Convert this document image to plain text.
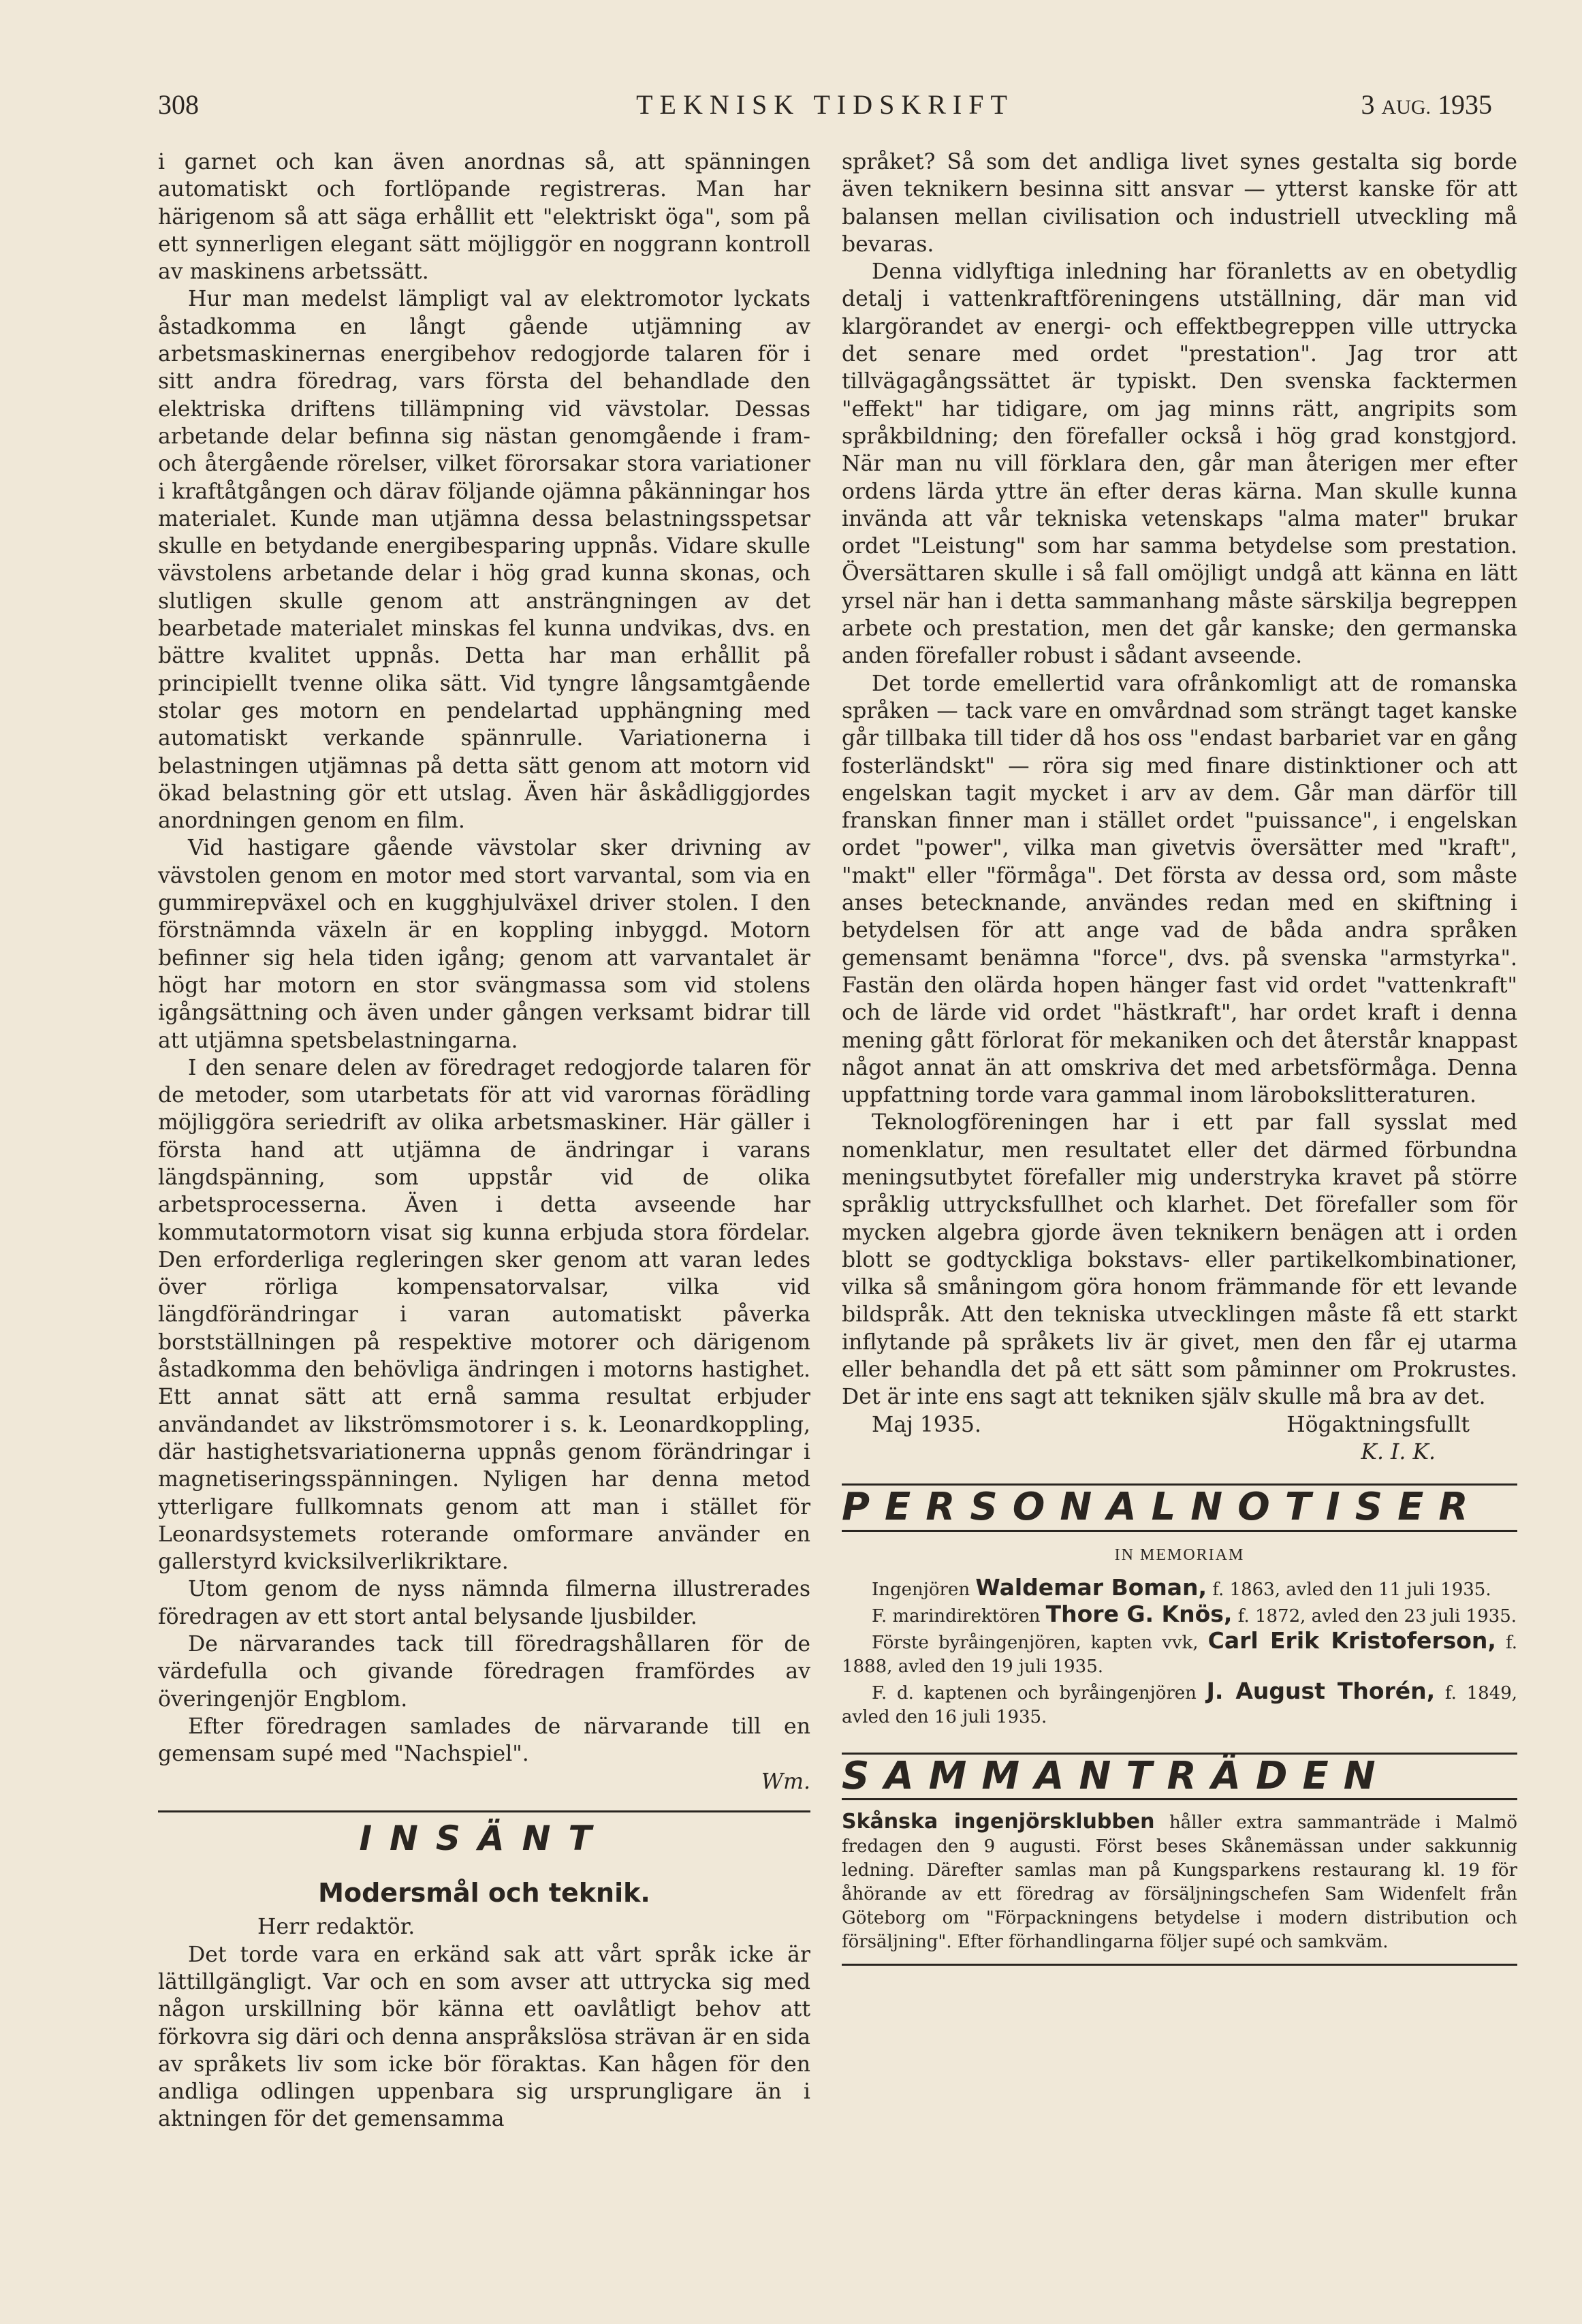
308	TEKNISK TIDSKRIFT	3 AUG. 1935

i garnet och kan även anordnas så, att spänningen automatiskt och fortlöpande registreras. Man har härigenom så att säga erhållit ett "elektriskt öga", som på ett synnerligen elegant sätt möjliggör en noggrann kontroll av maskinens arbetssätt.

Hur man medelst lämpligt val av elektromotor lyckats åstadkomma en långt gående utjämning av arbetsmaskinernas energibehov redogjorde talaren för i sitt andra föredrag, vars första del behandlade den elektriska driftens tillämpning vid vävstolar. Dessas arbetande delar befinna sig nästan genomgående i fram- och återgående rörelser, vilket förorsakar stora variationer i kraftåtgången och därav följande ojämna påkänningar hos materialet. Kunde man utjämna dessa belastningsspetsar skulle en betydande energibesparing uppnås. Vidare skulle vävstolens arbetande delar i hög grad kunna skonas, och slutligen skulle genom att ansträngningen av det bearbetade materialet minskas fel kunna undvikas, dvs. en bättre kvalitet uppnås. Detta har man erhållit på principiellt tvenne olika sätt. Vid tyngre långsamtgående stolar ges motorn en pendelartad upphängning med automatiskt verkande spännrulle. Variationerna i belastningen utjämnas på detta sätt genom att motorn vid ökad belastning gör ett utslag. Även här åskådliggjordes anordningen genom en film.

Vid hastigare gående vävstolar sker drivning av vävstolen genom en motor med stort varvantal, som via en gummirepväxel och en kugghjulväxel driver stolen. I den förstnämnda växeln är en koppling inbyggd. Motorn befinner sig hela tiden igång; genom att varvantalet är högt har motorn en stor svängmassa som vid stolens igångsättning och även under gången verksamt bidrar till att utjämna spetsbelastningarna.

I den senare delen av föredraget redogjorde talaren för de metoder, som utarbetats för att vid varornas förädling möjliggöra seriedrift av olika arbetsmaskiner. Här gäller i första hand att utjämna de ändringar i varans längdspänning, som uppstår vid de olika arbetsprocesserna. Även i detta avseende har kommutatormotorn visat sig kunna erbjuda stora fördelar. Den erforderliga regleringen sker genom att varan ledes över rörliga kompensatorvalsar, vilka vid längdförändringar i varan automatiskt påverka borstställningen på respektive motorer och därigenom åstadkomma den behövliga ändringen i motorns hastighet. Ett annat sätt att ernå samma resultat erbjuder användandet av likströmsmotorer i s. k. Leonardkoppling, där hastighetsvariationerna uppnås genom förändringar i magnetiseringsspänningen. Nyligen har denna metod ytterligare fullkomnats genom att man i stället för Leonardsystemets roterande omformare använder en gallerstyrd kvicksilverlikriktare.

Utom genom de nyss nämnda filmerna illustrerades föredragen av ett stort antal belysande ljusbilder.

De närvarandes tack till föredragshållaren för de värdefulla och givande föredragen framfördes av överingenjör Engblom.

Efter föredragen samlades de närvarande till en gemensam supé med "Nachspiel".

Wm.
INSÄNT
Modersmål och teknik.

Herr redaktör.

Det torde vara en erkänd sak att vårt språk icke är lättillgängligt. Var och en som avser att uttrycka sig med någon urskillning bör känna ett oavlåtligt behov att förkovra sig däri och denna anspråkslösa strävan är en sida av språkets liv som icke bör föraktas. Kan hågen för den andliga odlingen uppenbara sig ursprungligare än i aktningen för det gemensamma

språket? Så som det andliga livet synes gestalta sig borde även teknikern besinna sitt ansvar — ytterst kanske för att balansen mellan civilisation och industriell utveckling må bevaras.

Denna vidlyftiga inledning har föranletts av en obetydlig detalj i vattenkraftföreningens utställning, där man vid klargörandet av energi- och effektbegreppen ville uttrycka det senare med ordet "prestation". Jag tror att tillvägagångssättet är typiskt. Den svenska facktermen "effekt" har tidigare, om jag minns rätt, angripits som språkbildning; den förefaller också i hög grad konstgjord. När man nu vill förklara den, går man återigen mer efter ordens lärda yttre än efter deras kärna. Man skulle kunna invända att vår tekniska vetenskaps "alma mater" brukar ordet "Leistung" som har samma betydelse som prestation. Översättaren skulle i så fall omöjligt undgå att känna en lätt yrsel när han i detta sammanhang måste särskilja begreppen arbete och prestation, men det går kanske; den germanska anden förefaller robust i sådant avseende.

Det torde emellertid vara ofrånkomligt att de romanska språken — tack vare en omvårdnad som strängt taget kanske går tillbaka till tider då hos oss "endast barbariet var en gång fosterländskt" — röra sig med finare distinktioner och att engelskan tagit mycket i arv av dem. Går man därför till franskan finner man i stället ordet "puissance", i engelskan ordet "power", vilka man givetvis översätter med "kraft", "makt" eller "förmåga". Det första av dessa ord, som måste anses betecknande, användes redan med en skiftning i betydelsen för att ange vad de båda andra språken gemensamt benämna "force", dvs. på svenska "armstyrka". Fastän den olärda hopen hänger fast vid ordet "vattenkraft" och de lärde vid ordet "hästkraft", har ordet kraft i denna mening gått förlorat för mekaniken och det återstår knappast något annat än att omskriva det med arbetsförmåga. Denna uppfattning torde vara gammal inom lärobokslitteraturen.

Teknologföreningen har i ett par fall sysslat med nomenklatur, men resultatet eller det därmed förbundna meningsutbytet förefaller mig understryka kravet på större språklig uttrycksfullhet och klarhet. Det förefaller som för mycken algebra gjorde även teknikern benägen att i orden blott se godtyckliga bokstavs- eller partikelkombinationer, vilka så småningom göra honom främmande för ett levande bildspråk. Att den tekniska utvecklingen måste få ett starkt inflytande på språkets liv är givet, men den får ej utarma eller behandla det på ett sätt som påminner om Prokrustes. Det är inte ens sagt att tekniken själv skulle må bra av det.

Maj 1935.	Högaktningsfullt
K. I. K.
PERSONALNOTISER
IN MEMORIAM

Ingenjören Waldemar Boman, f. 1863, avled den 11 juli 1935.

F. marindirektören Thore G. Knös, f. 1872, avled den 23 juli 1935.

Förste byråingenjören, kapten vvk, Carl Erik Kristoferson, f. 1888, avled den 19 juli 1935.

F. d. kaptenen och byråingenjören J. August Thorén, f. 1849, avled den 16 juli 1935.

SAMMANTRÄDEN

Skånska ingenjörsklubben håller extra sammanträde i Malmö fredagen den 9 augusti. Först beses Skånemässan under sakkunnig ledning. Därefter samlas man på Kungsparkens restaurang kl. 19 för åhörande av ett föredrag av försäljningschefen Sam Widenfelt från Göteborg om "Förpackningens betydelse i modern distribution och försäljning". Efter förhandlingarna följer supé och samkväm.
